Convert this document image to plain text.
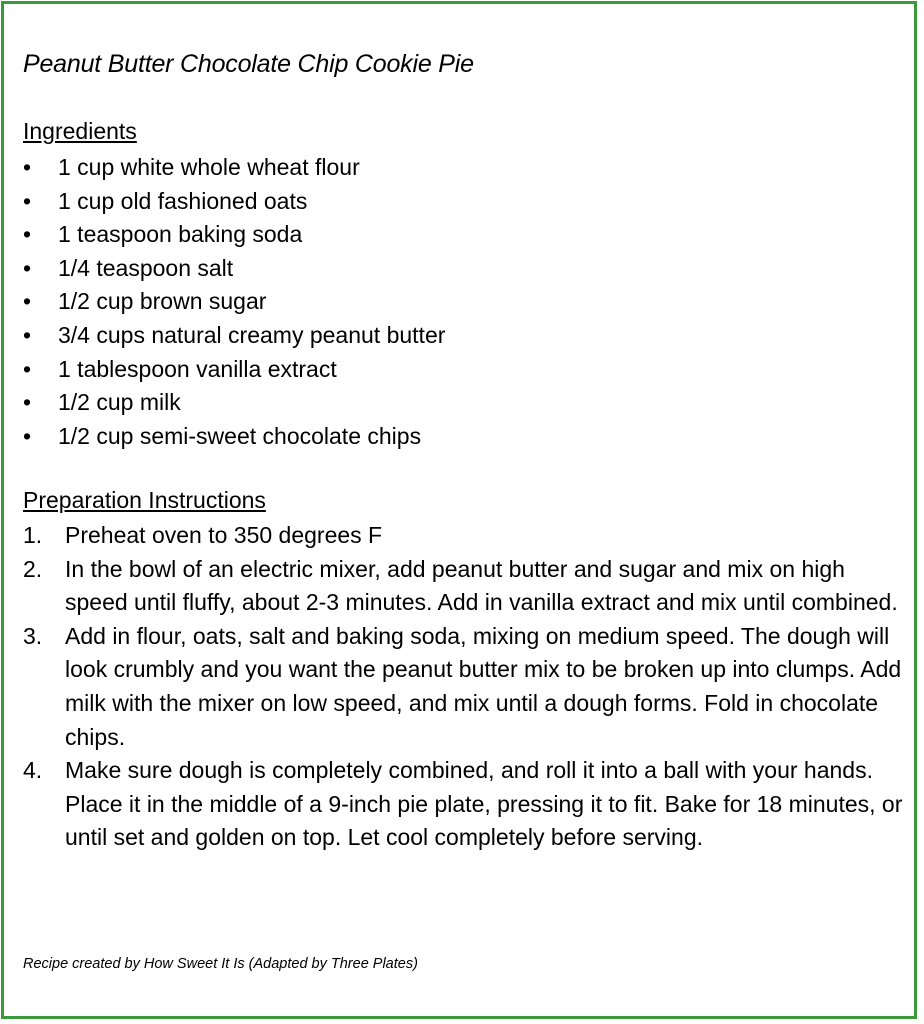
Peanut Butter Chocolate Chip Cookie Pie
Ingredients
•	1 cup white whole wheat flour
•	1 cup old fashioned oats
•	1 teaspoon baking soda
•	1/4 teaspoon salt
•	1/2 cup brown sugar
•	3/4 cups natural creamy peanut butter
•	1 tablespoon vanilla extract
•	1/2 cup milk
•	1/2 cup semi-sweet chocolate chips
Preparation Instructions
1. Preheat oven to 350 degrees F
2. In the bowl of an electric mixer, add peanut butter and sugar and mix on high speed until fluffy, about 2-3 minutes. Add in vanilla extract and mix until combined.
3. Add in flour, oats, salt and baking soda, mixing on medium speed. The dough will look crumbly and you want the peanut butter mix to be broken up into clumps. Add milk with the mixer on low speed, and mix until a dough forms. Fold in chocolate chips.
4. Make sure dough is completely combined, and roll it into a ball with your hands. Place it in the middle of a 9-inch pie plate, pressing it to fit. Bake for 18 minutes, or until set and golden on top. Let cool completely before serving.

Recipe created by How Sweet It Is (Adapted by Three Plates)
